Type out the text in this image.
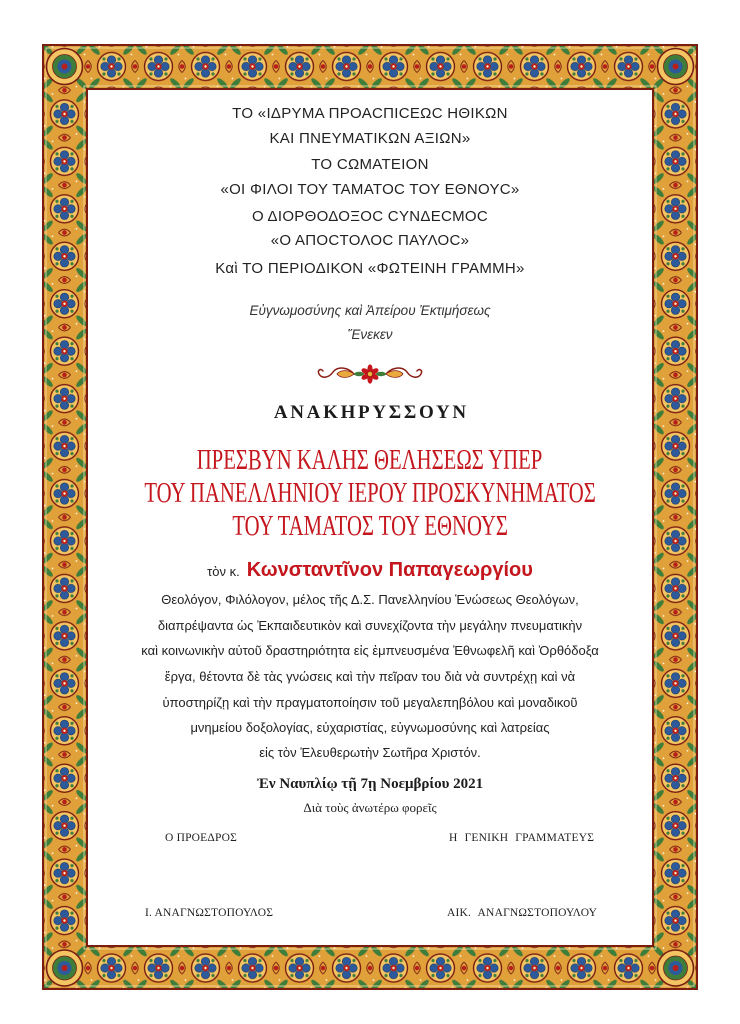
ΤΟ «ΙΔΡΥΜΑ ΠΡΟΑϹΠΙϹΕΩϹ ΗΘΙΚΩΝ
ΚΑΙ ΠΝΕΥΜΑΤΙΚΩΝ ΑΞΙΩΝ»
ΤΟ ϹΩΜΑΤΕΙΟΝ
«ΟΙ ΦΙΛΟΙ ΤΟΥ ΤΑΜΑΤΟϹ ΤΟΥ ΕΘΝΟΥϹ»
Ο ΔΙΟΡΘΟΔΟΞΟϹ ϹΥΝΔΕϹΜΟϹ
«Ο ΑΠΟϹΤΟΛΟϹ ΠΑΥΛΟϹ»
Καὶ ΤΟ ΠΕΡΙΟΔΙΚΟΝ «ΦΩΤΕΙΝΗ ΓΡΑΜΜΗ»
Εὐγνωμοσύνης καὶ Ἀπείρου Ἐκτιμήσεως
Ἕνεκεν
ΑΝΑΚΗΡΥΣΣΟΥΝ
ΠΡΕΣΒΥΝ ΚΑΛΗΣ ΘΕΛΗΣΕΩΣ ΥΠΕΡ
ΤΟΥ ΠΑΝΕΛΛΗΝΙΟΥ ΙΕΡΟΥ ΠΡΟΣΚΥΝΗΜΑΤΟΣ
ΤΟΥ ΤΑΜΑΤΟΣ ΤΟΥ ΕΘΝΟΥΣ
τὸν κ. Κωνσταντῖνον Παπαγεωργίου
Θεολόγον, Φιλόλογον, μέλος τῆς Δ.Σ. Πανελληνίου Ἑνώσεως Θεολόγων,
διαπρέψαντα ὡς Ἐκπαιδευτικὸν καὶ συνεχίζοντα τὴν μεγάλην πνευματικὴν
καὶ κοινωνικὴν αὐτοῦ δραστηριότητα εἰς ἐμπνευσμένα Ἐθνωφελῆ καὶ Ὀρθόδοξα
ἔργα, θέτοντα δὲ τὰς γνώσεις καὶ τὴν πεῖραν του διὰ νὰ συντρέχῃ καὶ νὰ
ὑποστηρίζῃ καὶ τὴν πραγματοποίησιν τοῦ μεγαλεπηβόλου καὶ μοναδικοῦ
μνημείου δοξολογίας, εὐχαριστίας, εὐγνωμοσύνης καὶ λατρείας
εἰς τὸν Ἐλευθερωτὴν Σωτῆρα Χριστόν.
Ἐν Ναυπλίῳ τῇ 7ῃ Νοεμβρίου 2021
Διὰ τοὺς ἀνωτέρω φορεῖς
Ο ΠΡΟΕΔΡΟΣ	Η ΓΕΝΙΚΗ ΓΡΑΜΜΑΤΕΥΣ
Ι. ΑΝΑΓΝΩΣΤΟΠΟΥΛΟΣ	ΑΙΚ. ΑΝΑΓΝΩΣΤΟΠΟΥΛΟΥ
